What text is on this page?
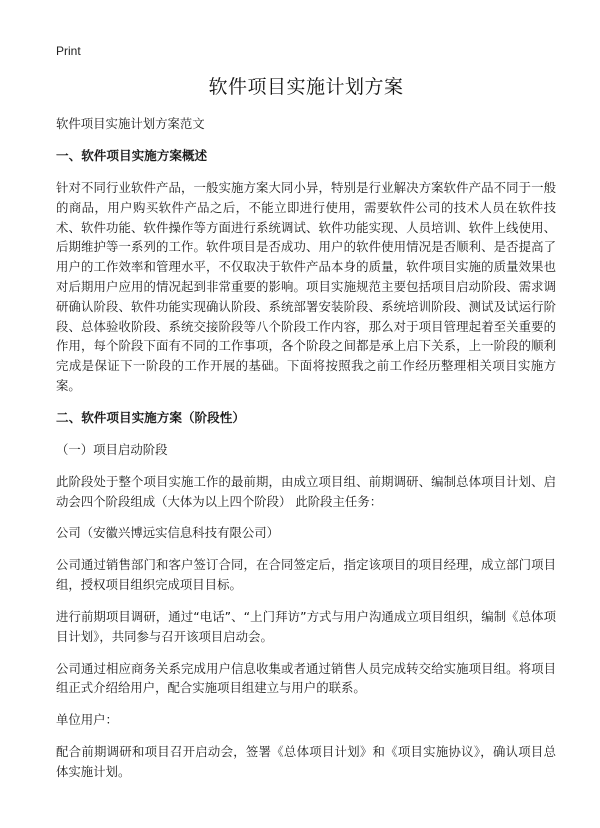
Print
软件项目实施计划方案
软件项目实施计划方案范文
一、软件项目实施方案概述
针对不同行业软件产品，一般实施方案大同小异，特别是行业解决方案软件产品不同于一般的商品，用户购买软件产品之后，不能立即进行使用，需要软件公司的技术人员在软件技术、软件功能、软件操作等方面进行系统调试、软件功能实现、人员培训、软件上线使用、后期维护等一系列的工作。软件项目是否成功、用户的软件使用情况是否顺利、是否提高了用户的工作效率和管理水平，不仅取决于软件产品本身的质量，软件项目实施的质量效果也对后期用户应用的情况起到非常重要的影响。项目实施规范主要包括项目启动阶段、需求调研确认阶段、软件功能实现确认阶段、系统部署安装阶段、系统培训阶段、测试及试运行阶段、总体验收阶段、系统交接阶段等八个阶段工作内容，那么对于项目管理起着至关重要的作用，每个阶段下面有不同的工作事项，各个阶段之间都是承上启下关系，上一阶段的顺利完成是保证下一阶段的工作开展的基础。下面将按照我之前工作经历整理相关项目实施方案。
二、软件项目实施方案（阶段性）
（一）项目启动阶段
此阶段处于整个项目实施工作的最前期，由成立项目组、前期调研、编制总体项目计划、启动会四个阶段组成（大体为以上四个阶段） 此阶段主任务：
公司（安徽兴博远实信息科技有限公司）
公司通过销售部门和客户签订合同，在合同签定后，指定该项目的项目经理，成立部门项目组，授权项目组织完成项目目标。
进行前期项目调研，通过“电话”、“上门拜访”方式与用户沟通成立项目组织，编制《总体项目计划》，共同参与召开该项目启动会。
公司通过相应商务关系完成用户信息收集或者通过销售人员完成转交给实施项目组。将项目组正式介绍给用户，配合实施项目组建立与用户的联系。
单位用户：
配合前期调研和项目召开启动会，签署《总体项目计划》和《项目实施协议》，确认项目总体实施计划。
